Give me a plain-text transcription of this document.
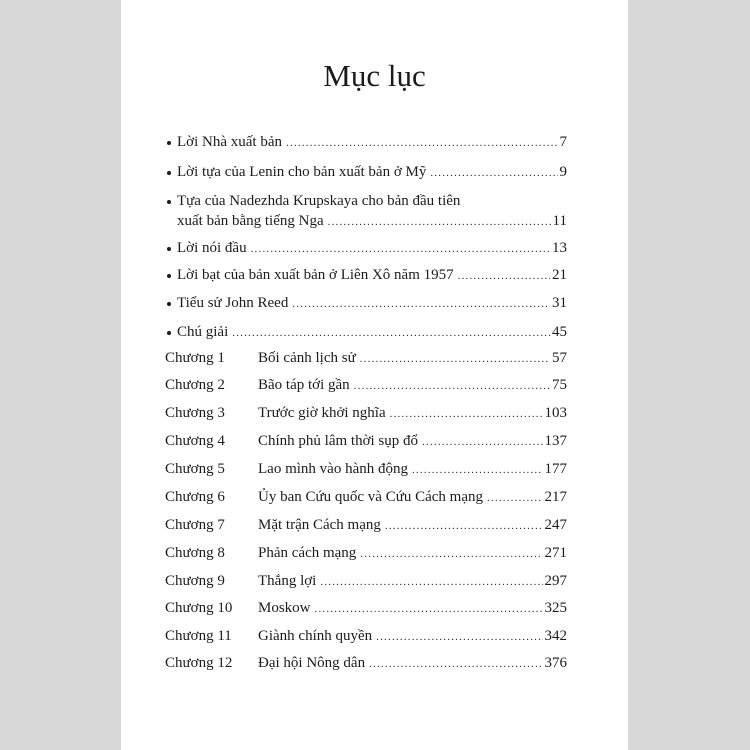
Mục lục
Lời Nhà xuất bản .....	7
Lời tựa của Lenin cho bản xuất bản ở Mỹ .....	9
Tựa của Nadezhda Krupskaya cho bản đầu tiên
xuất bản bằng tiếng Nga .....	11
Lời nói đầu .....	13
Lời bạt của bản xuất bản ở Liên Xô năm 1957 .....	21
Tiểu sử John Reed .....	31
Chú giải .....	45
Chương 1 Bối cảnh lịch sử .....	57
Chương 2 Bão táp tới gần .....	75
Chương 3 Trước giờ khởi nghĩa .....	103
Chương 4 Chính phủ lâm thời sụp đổ .....	137
Chương 5 Lao mình vào hành động .....	177
Chương 6 Ủy ban Cứu quốc và Cứu Cách mạng .....	217
Chương 7 Mặt trận Cách mạng .....	247
Chương 8 Phản cách mạng .....	271
Chương 9 Thắng lợi .....	297
Chương 10 Moskow .....	325
Chương 11 Giành chính quyền .....	342
Chương 12 Đại hội Nông dân .....	376
